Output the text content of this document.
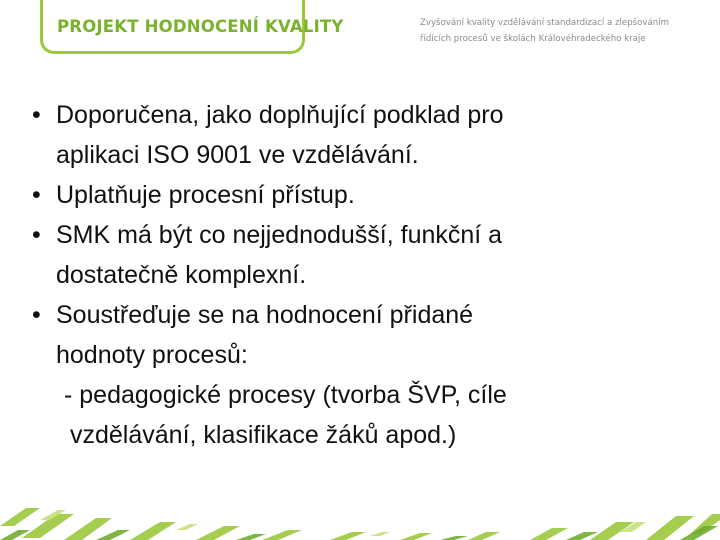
PROJEKT HODNOCENÍ KVALITY	Zvyšování kvality vzdělávání standardizací a zlepšováním
řídících procesů ve školách Královéhradeckého kraje
• Doporučena, jako doplňující podklad pro
aplikaci ISO 9001 ve vzdělávání.
• Uplatňuje procesní přístup.
• SMK má být co nejjednodušší, funkční a
dostatečně komplexní.
• Soustřeďuje se na hodnocení přidané
hodnoty procesů:
- pedagogické procesy (tvorba ŠVP, cíle
vzdělávání, klasifikace žáků apod.)
